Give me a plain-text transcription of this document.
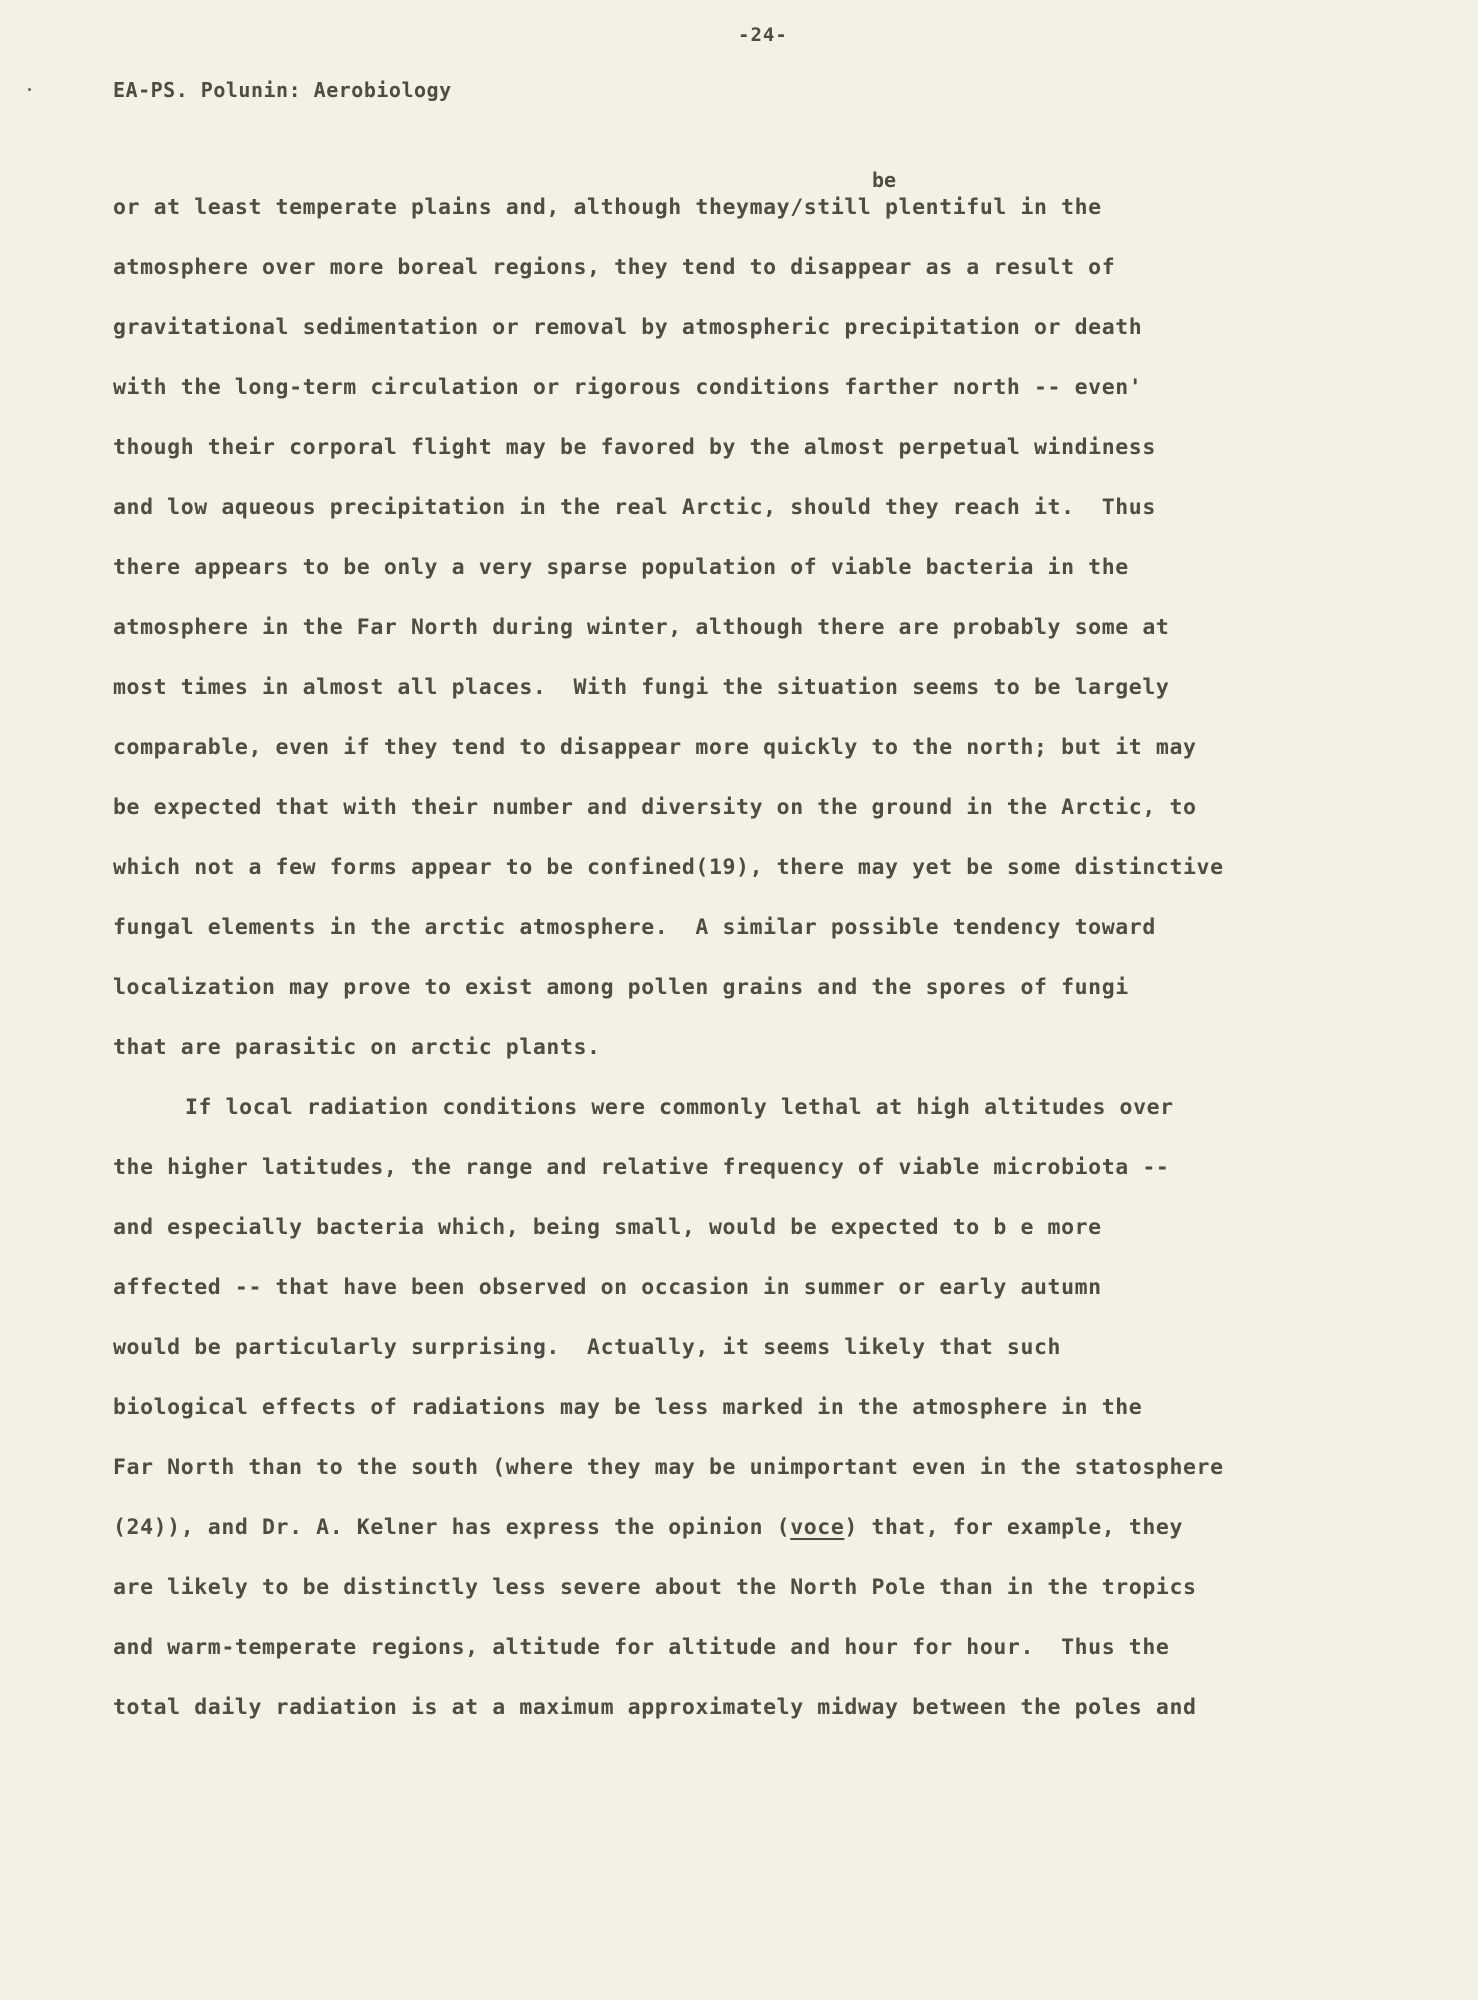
-24-
EA-PS. Polunin: Aerobiology
be
or at least temperate plains and, although theymay/still plentiful in the
atmosphere over more boreal regions, they tend to disappear as a result of
gravitational sedimentation or removal by atmospheric precipitation or death
with the long-term circulation or rigorous conditions farther north -- even'
though their corporal flight may be favored by the almost perpetual windiness
and low aqueous precipitation in the real Arctic, should they reach it.  Thus
there appears to be only a very sparse population of viable bacteria in the
atmosphere in the Far North during winter, although there are probably some at
most times in almost all places.  With fungi the situation seems to be largely
comparable, even if they tend to disappear more quickly to the north; but it may
be expected that with their number and diversity on the ground in the Arctic, to
which not a few forms appear to be confined(19), there may yet be some distinctive
fungal elements in the arctic atmosphere.  A similar possible tendency toward
localization may prove to exist among pollen grains and the spores of fungi
that are parasitic on arctic plants.
If local radiation conditions were commonly lethal at high altitudes over
the higher latitudes, the range and relative frequency of viable microbiota --
and especially bacteria which, being small, would be expected to b e more
affected -- that have been observed on occasion in summer or early autumn
would be particularly surprising.  Actually, it seems likely that such
biological effects of radiations may be less marked in the atmosphere in the
Far North than to the south (where they may be unimportant even in the statosphere
(24)), and Dr. A. Kelner has express the opinion (voce) that, for example, they
are likely to be distinctly less severe about the North Pole than in the tropics
and warm-temperate regions, altitude for altitude and hour for hour.  Thus the
total daily radiation is at a maximum approximately midway between the poles and
